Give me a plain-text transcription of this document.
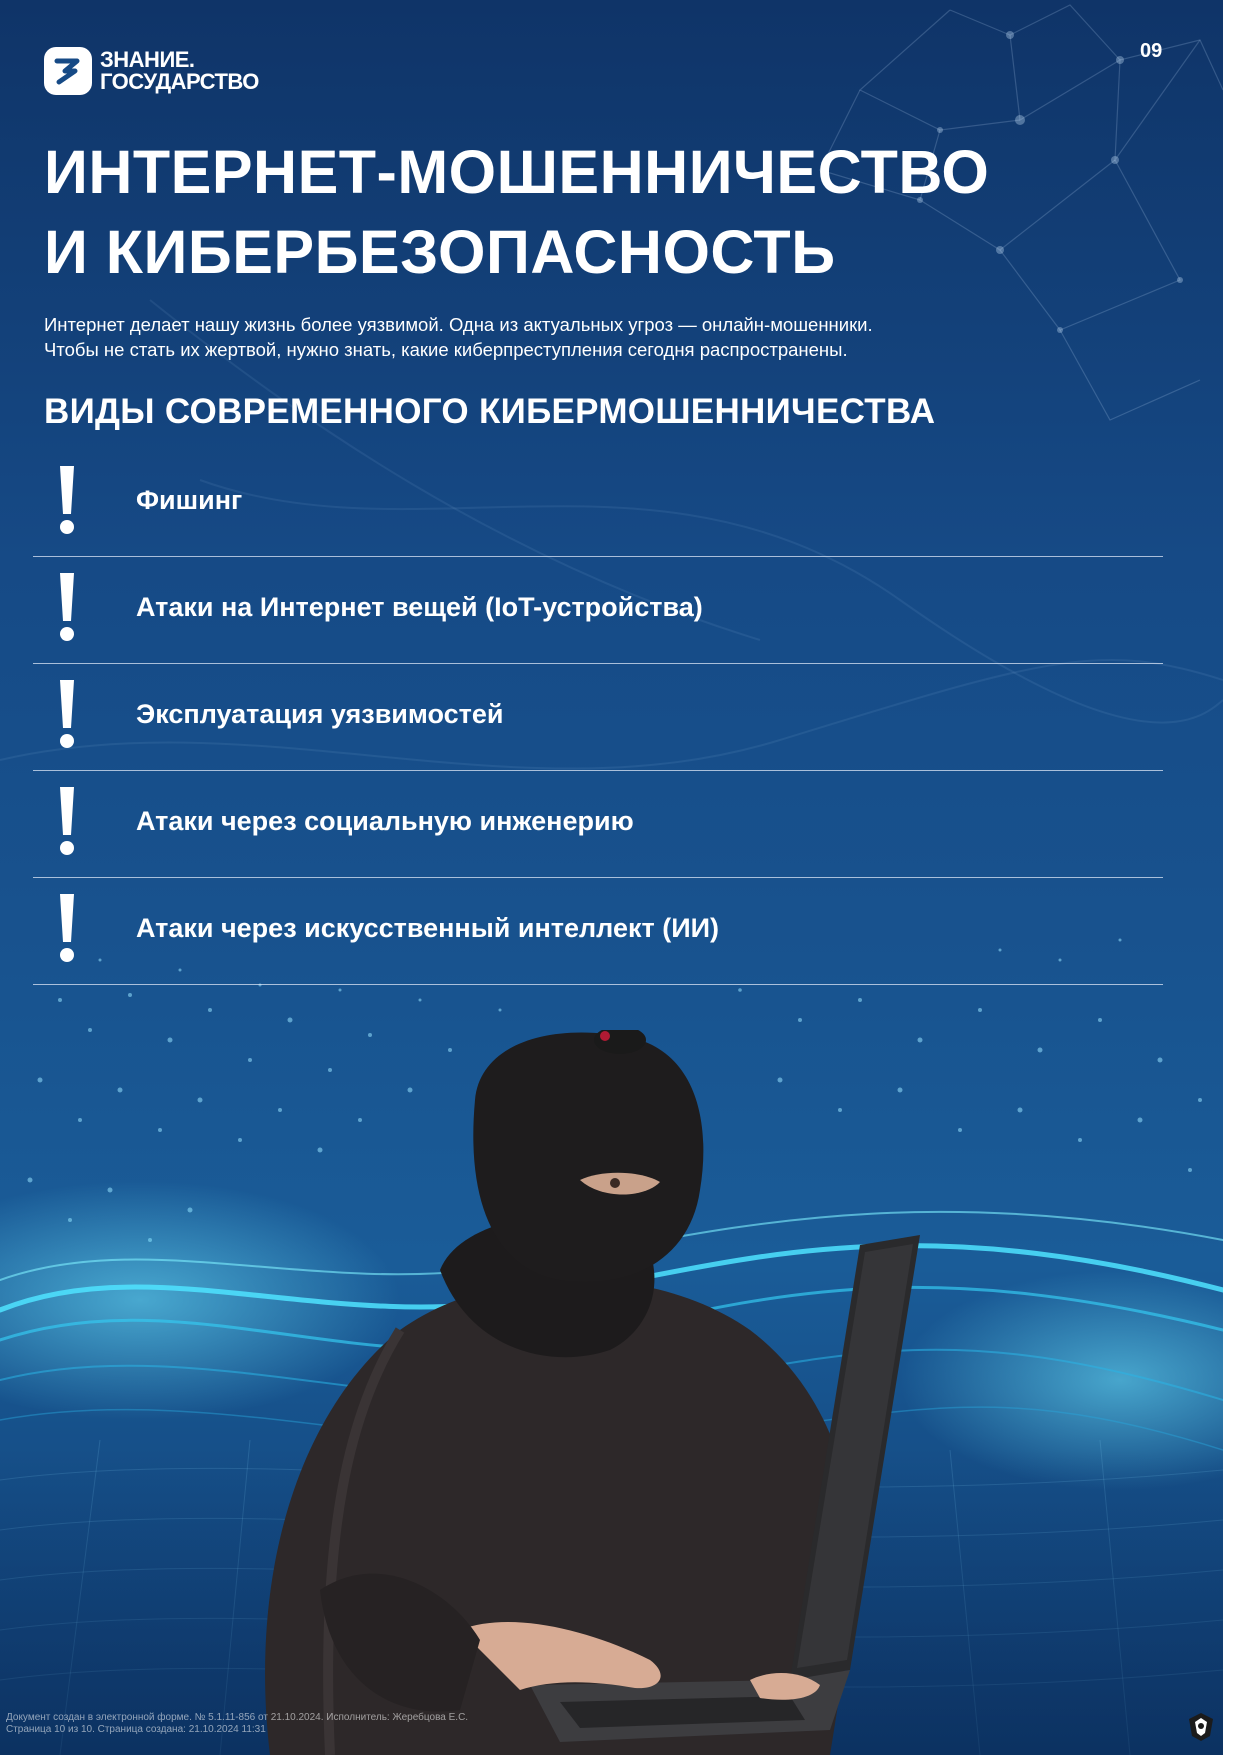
ЗНАНИЕ.
ГОСУДАРСТВО
09
ИНТЕРНЕТ-МОШЕННИЧЕСТВО
И КИБЕРБЕЗОПАСНОСТЬ
Интернет делает нашу жизнь более уязвимой. Одна из актуальных угроз — онлайн-мошенники.
Чтобы не стать их жертвой, нужно знать, какие киберпреступления сегодня распространены.
ВИДЫ СОВРЕМЕННОГО КИБЕРМОШЕННИЧЕСТВА
Фишинг
Атаки на Интернет вещей (IoT-устройства)
Эксплуатация уязвимостей
Атаки через социальную инженерию
Атаки через искусственный интеллект (ИИ)
Документ создан в электронной форме. № 5.1.11-856 от 21.10.2024. Исполнитель: Жеребцова Е.С.
Страница 10 из 10. Страница создана: 21.10.2024 11:31
